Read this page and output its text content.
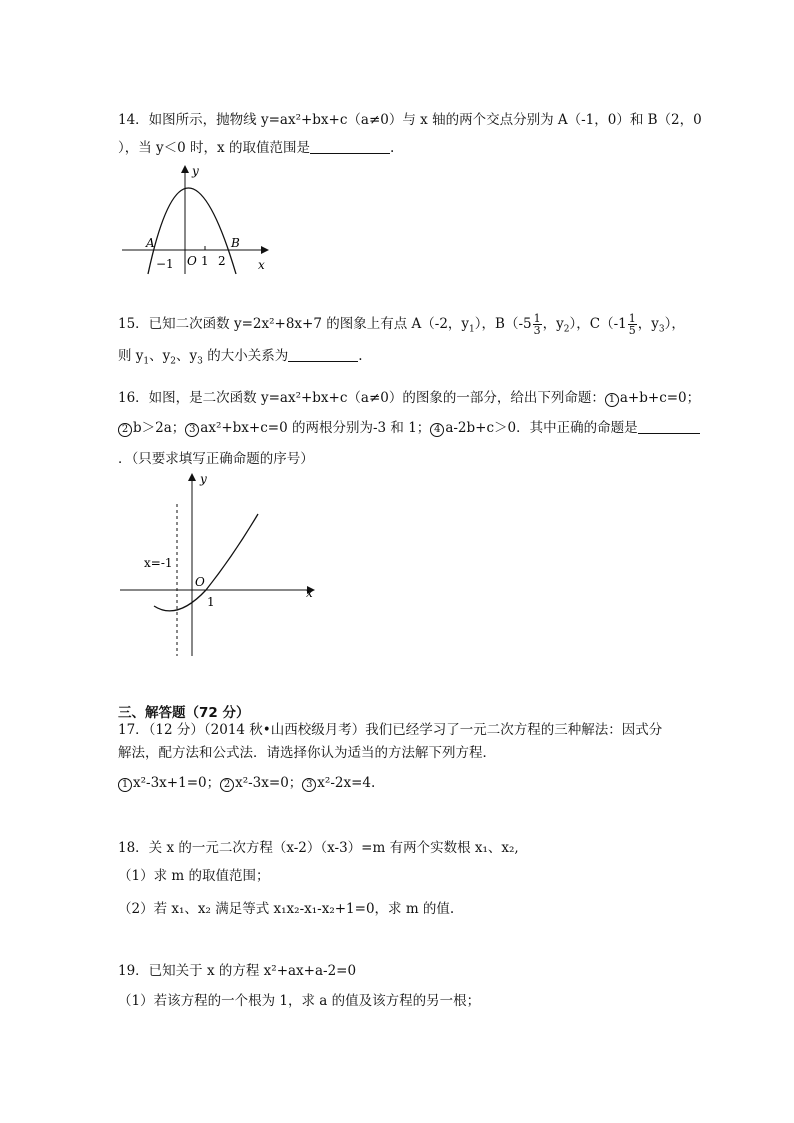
14．如图所示，抛物线 y=ax²+bx+c（a≠0）与 x 轴的两个交点分别为 A（-1，0）和 B（2，0
），当 y＜0 时，x 的取值范围是	.
y
x
A	B
O
−1 1 2
15．已知二次函数 y=2x²+8x+7 的图象上有点 A（-2，$y_1$），$B(-5 \frac{1}{3}$ ，$y_2$），$C(-1 \frac{1}{5}$ ，$y_3$），
则 $y_1$、$y_2$、$y_3$ 的大小关系为	.
16．如图，是二次函数 y=ax²+bx+c（a≠0）的图象的一部分，给出下列命题： 1 a+b+c=0；
2 b＞2a； 3 ax²+bx+c=0 的两根分别为-3 和 1； 4 a-2b+c＞0．其中正确的命题是
．（只要求填写正确命题的序号）
y
x
O
1
x=-1
三、解答题（72 分）
17．（12 分）（2014 秋•山西校级月考）我们已经学习了一元二次方程的三种解法：因式分
解法，配方法和公式法．请选择你认为适当的方法解下列方程．
1 x²-3x+1=0； 2 x²-3x=0； 3 x²-2x=4.
18．关 x 的一元二次方程（x-2）（x-3）=m 有两个实数根 x₁、x₂,
（1）求 m 的取值范围；
（2）若 x₁、x₂ 满足等式 x₁x₂-x₁-x₂+1=0，求 m 的值.
19．已知关于 x 的方程 x²+ax+a-2=0
（1）若该方程的一个根为 1，求 a 的值及该方程的另一根；
